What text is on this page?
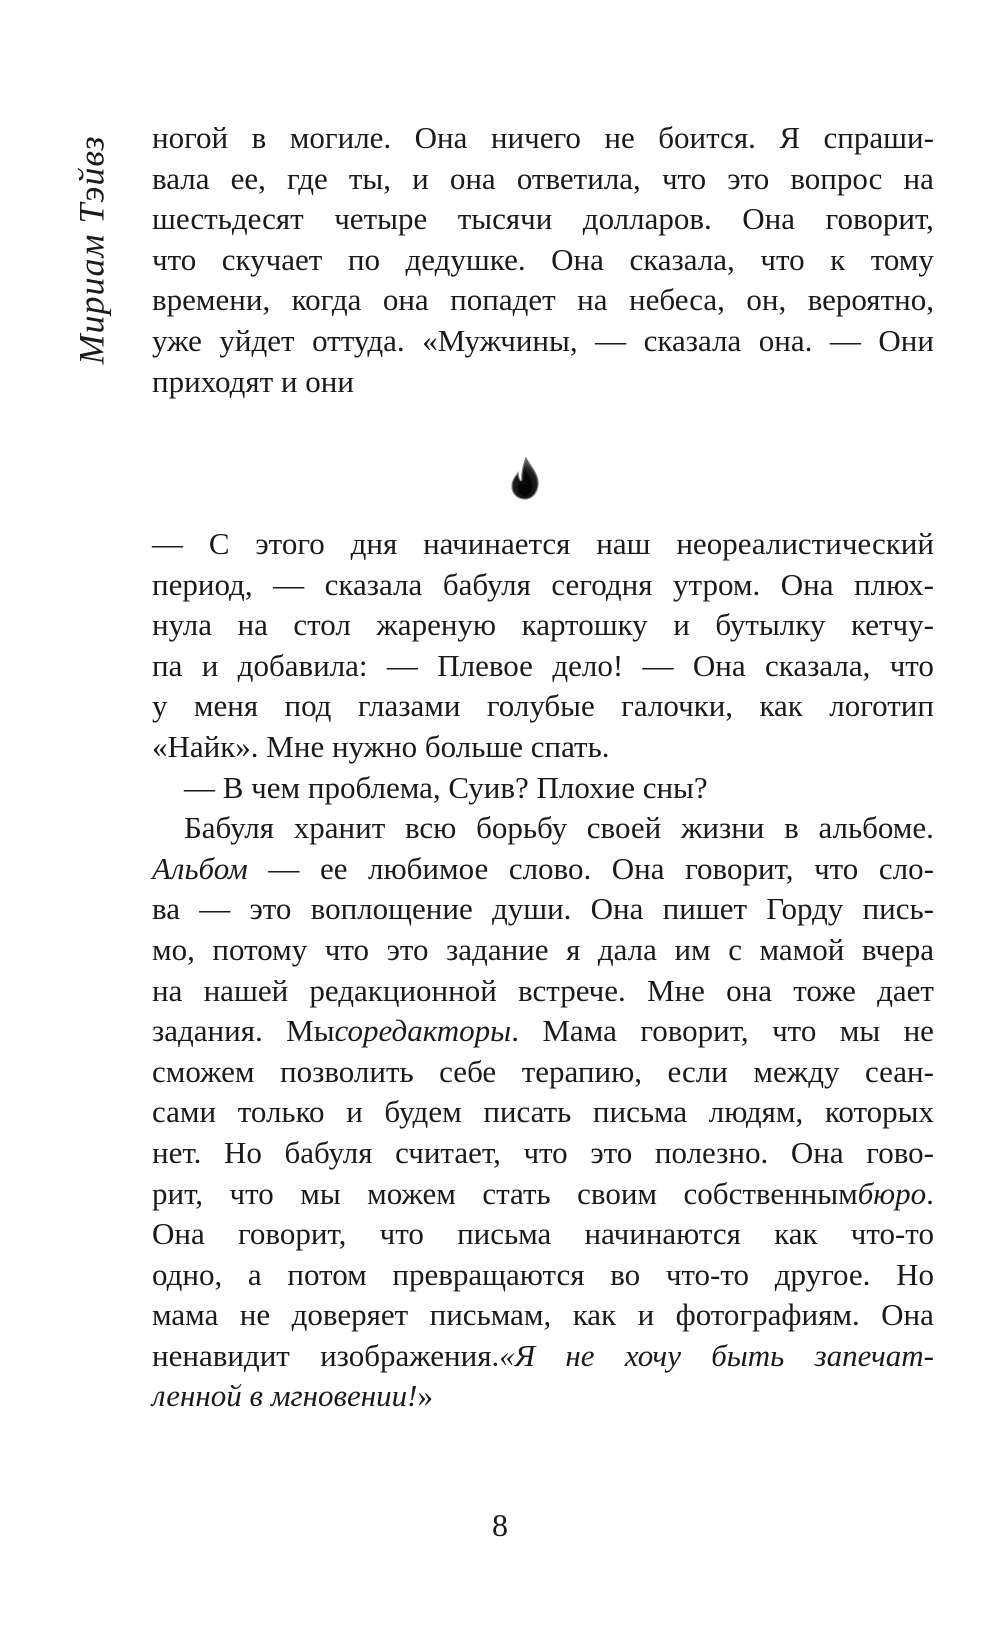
Мириам Тэйвз ногой в могиле. Она ничего не боится. Я спраши-
вала ее, где ты, и она ответила, что это вопрос на
шестьдесят четыре тысячи долларов. Она говорит,
что скучает по дедушке. Она сказала, что к тому
времени, когда она попадет на небеса, он, вероятно,
уже уйдет оттуда. «Мужчины, — сказала она. — Они
приходят и они
— С этого дня начинается наш неореалистический
период, — сказала бабуля сегодня утром. Она плюх-
нула на стол жареную картошку и бутылку кетчу-
па и добавила: — Плевое дело! — Она сказала, что
у меня под глазами голубые галочки, как логотип
«Найк». Мне нужно больше спать.
— В чем проблема, Суив? Плохие сны?
Бабуля хранит всю борьбу своей жизни в альбоме.
Альбом — ее любимое слово. Она говорит, что сло-
ва — это воплощение души. Она пишет Горду пись-
мо, потому что это задание я дала им с мамой вчера
на нашей редакционной встрече. Мне она тоже дает
задания. Мысоредакторы. Мама говорит, что мы не
сможем позволить себе терапию, если между сеан-
сами только и будем писать письма людям, которых
нет. Но бабуля считает, что это полезно. Она гово-
рит, что мы можем стать своим собственнымбюро.
Она говорит, что письма начинаются как что-то
одно, а потом превращаются во что-то другое. Но
мама не доверяет письмам, как и фотографиям. Она
ненавидит изображения.«Я не хочу быть запечат-
ленной в мгновении! »
8
